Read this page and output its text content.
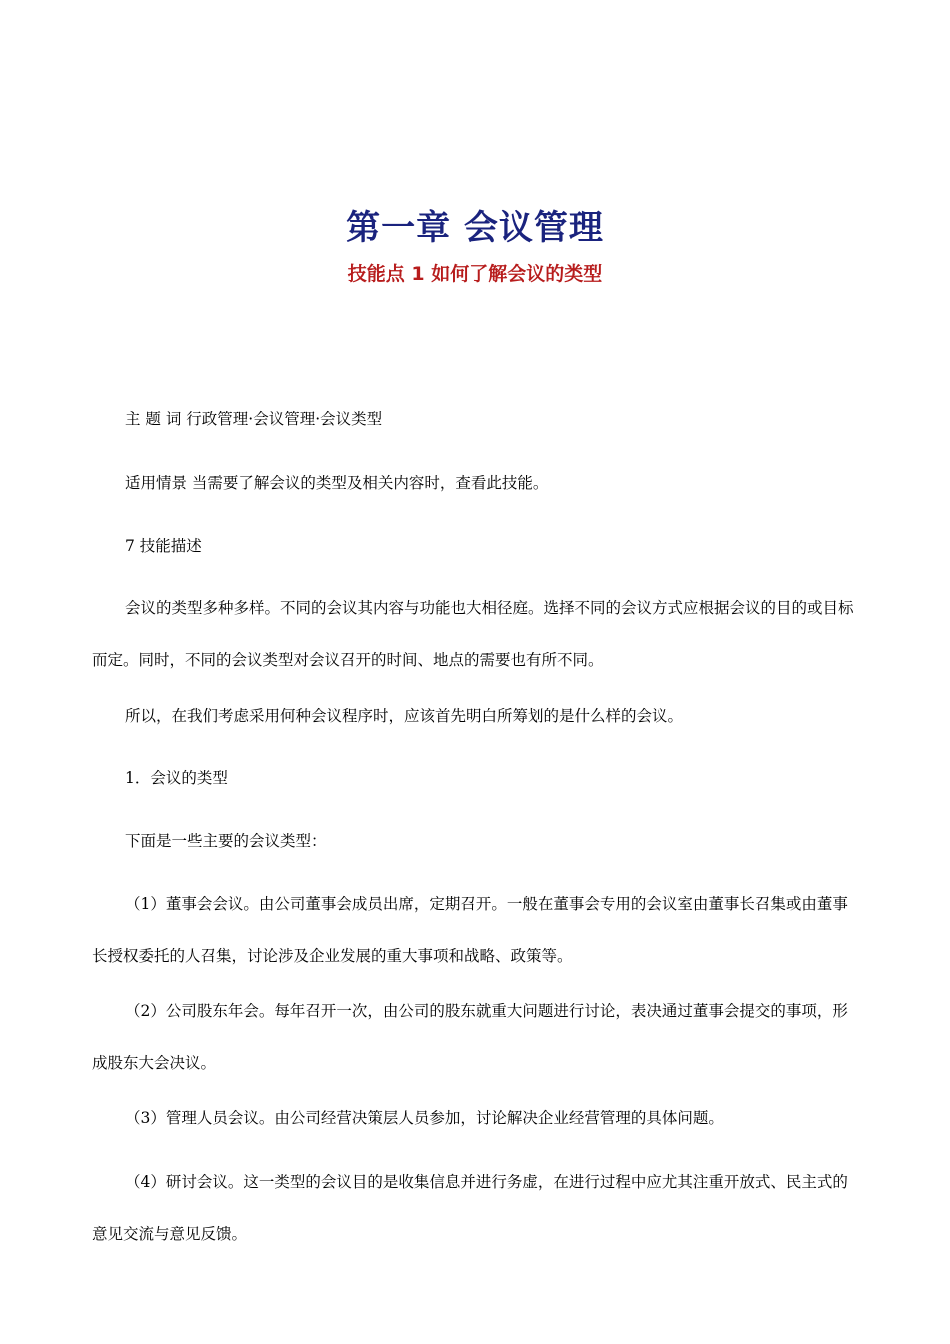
第一章 会议管理
技能点 1 如何了解会议的类型

主 题 词 行政管理·会议管理·会议类型

适用情景 当需要了解会议的类型及相关内容时，查看此技能。

7 技能描述

会议的类型多种多样。不同的会议其内容与功能也大相径庭。选择不同的会议方式应根据会议的目的或目标而定。同时，不同的会议类型对会议召开的时间、地点的需要也有所不同。

所以，在我们考虑采用何种会议程序时，应该首先明白所筹划的是什么样的会议。

1．会议的类型

下面是一些主要的会议类型：

（1）董事会会议。由公司董事会成员出席，定期召开。一般在董事会专用的会议室由董事长召集或由董事长授权委托的人召集，讨论涉及企业发展的重大事项和战略、政策等。

（2）公司股东年会。每年召开一次，由公司的股东就重大问题进行讨论，表决通过董事会提交的事项，形成股东大会决议。

（3）管理人员会议。由公司经营决策层人员参加，讨论解决企业经营管理的具体问题。

（4）研讨会议。这一类型的会议目的是收集信息并进行务虚，在进行过程中应尤其注重开放式、民主式的意见交流与意见反馈。
